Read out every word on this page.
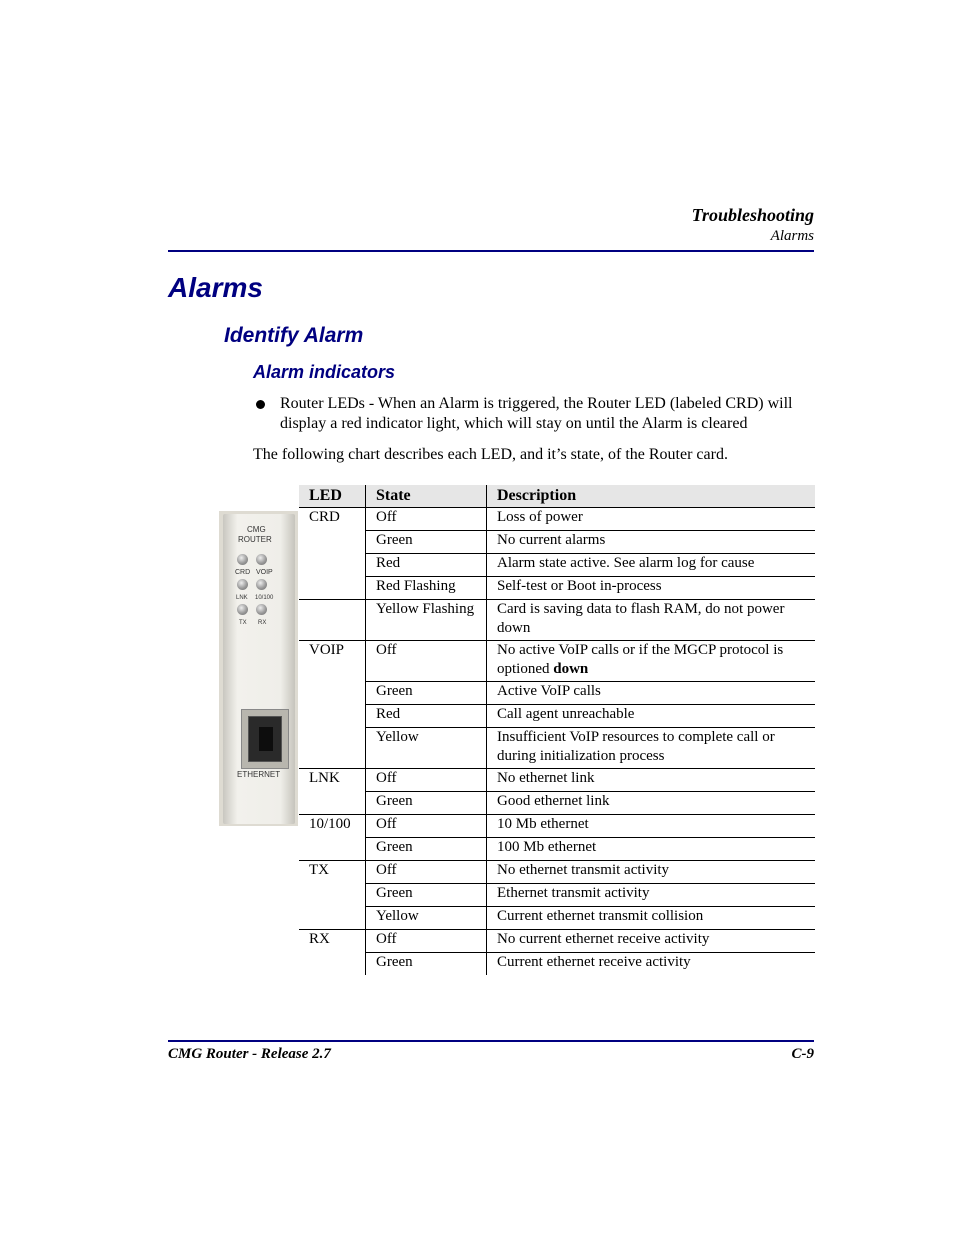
Troubleshooting
Alarms
Alarms
Identify Alarm
Alarm indicators
Router LEDs - When an Alarm is triggered, the Router LED (labeled CRD) will display a red indicator light, which will stay on until the Alarm is cleared
The following chart describes each LED, and it’s state, of the Router card.
CMG
ROUTER
CRD VOIP
LNK 10/100
TX RX
ETHERNET
LED	State	Description
CRD	Off	Loss of power
	Green	No current alarms
	Red	Alarm state active. See alarm log for cause
	Red Flashing	Self-test or Boot in-process
	Yellow Flashing	Card is saving data to flash RAM, do not power down
VOIP	Off	No active VoIP calls or if the MGCP protocol is optioned down
	Green	Active VoIP calls
	Red	Call agent unreachable
	Yellow	Insufficient VoIP resources to complete call or during initialization process
LNK	Off	No ethernet link
	Green	Good ethernet link
10/100	Off	10 Mb ethernet
	Green	100 Mb ethernet
TX	Off	No ethernet transmit activity
	Green	Ethernet transmit activity
	Yellow	Current ethernet transmit collision
RX	Off	No current ethernet receive activity
	Green	Current ethernet receive activity
CMG Router - Release 2.7	C-9
